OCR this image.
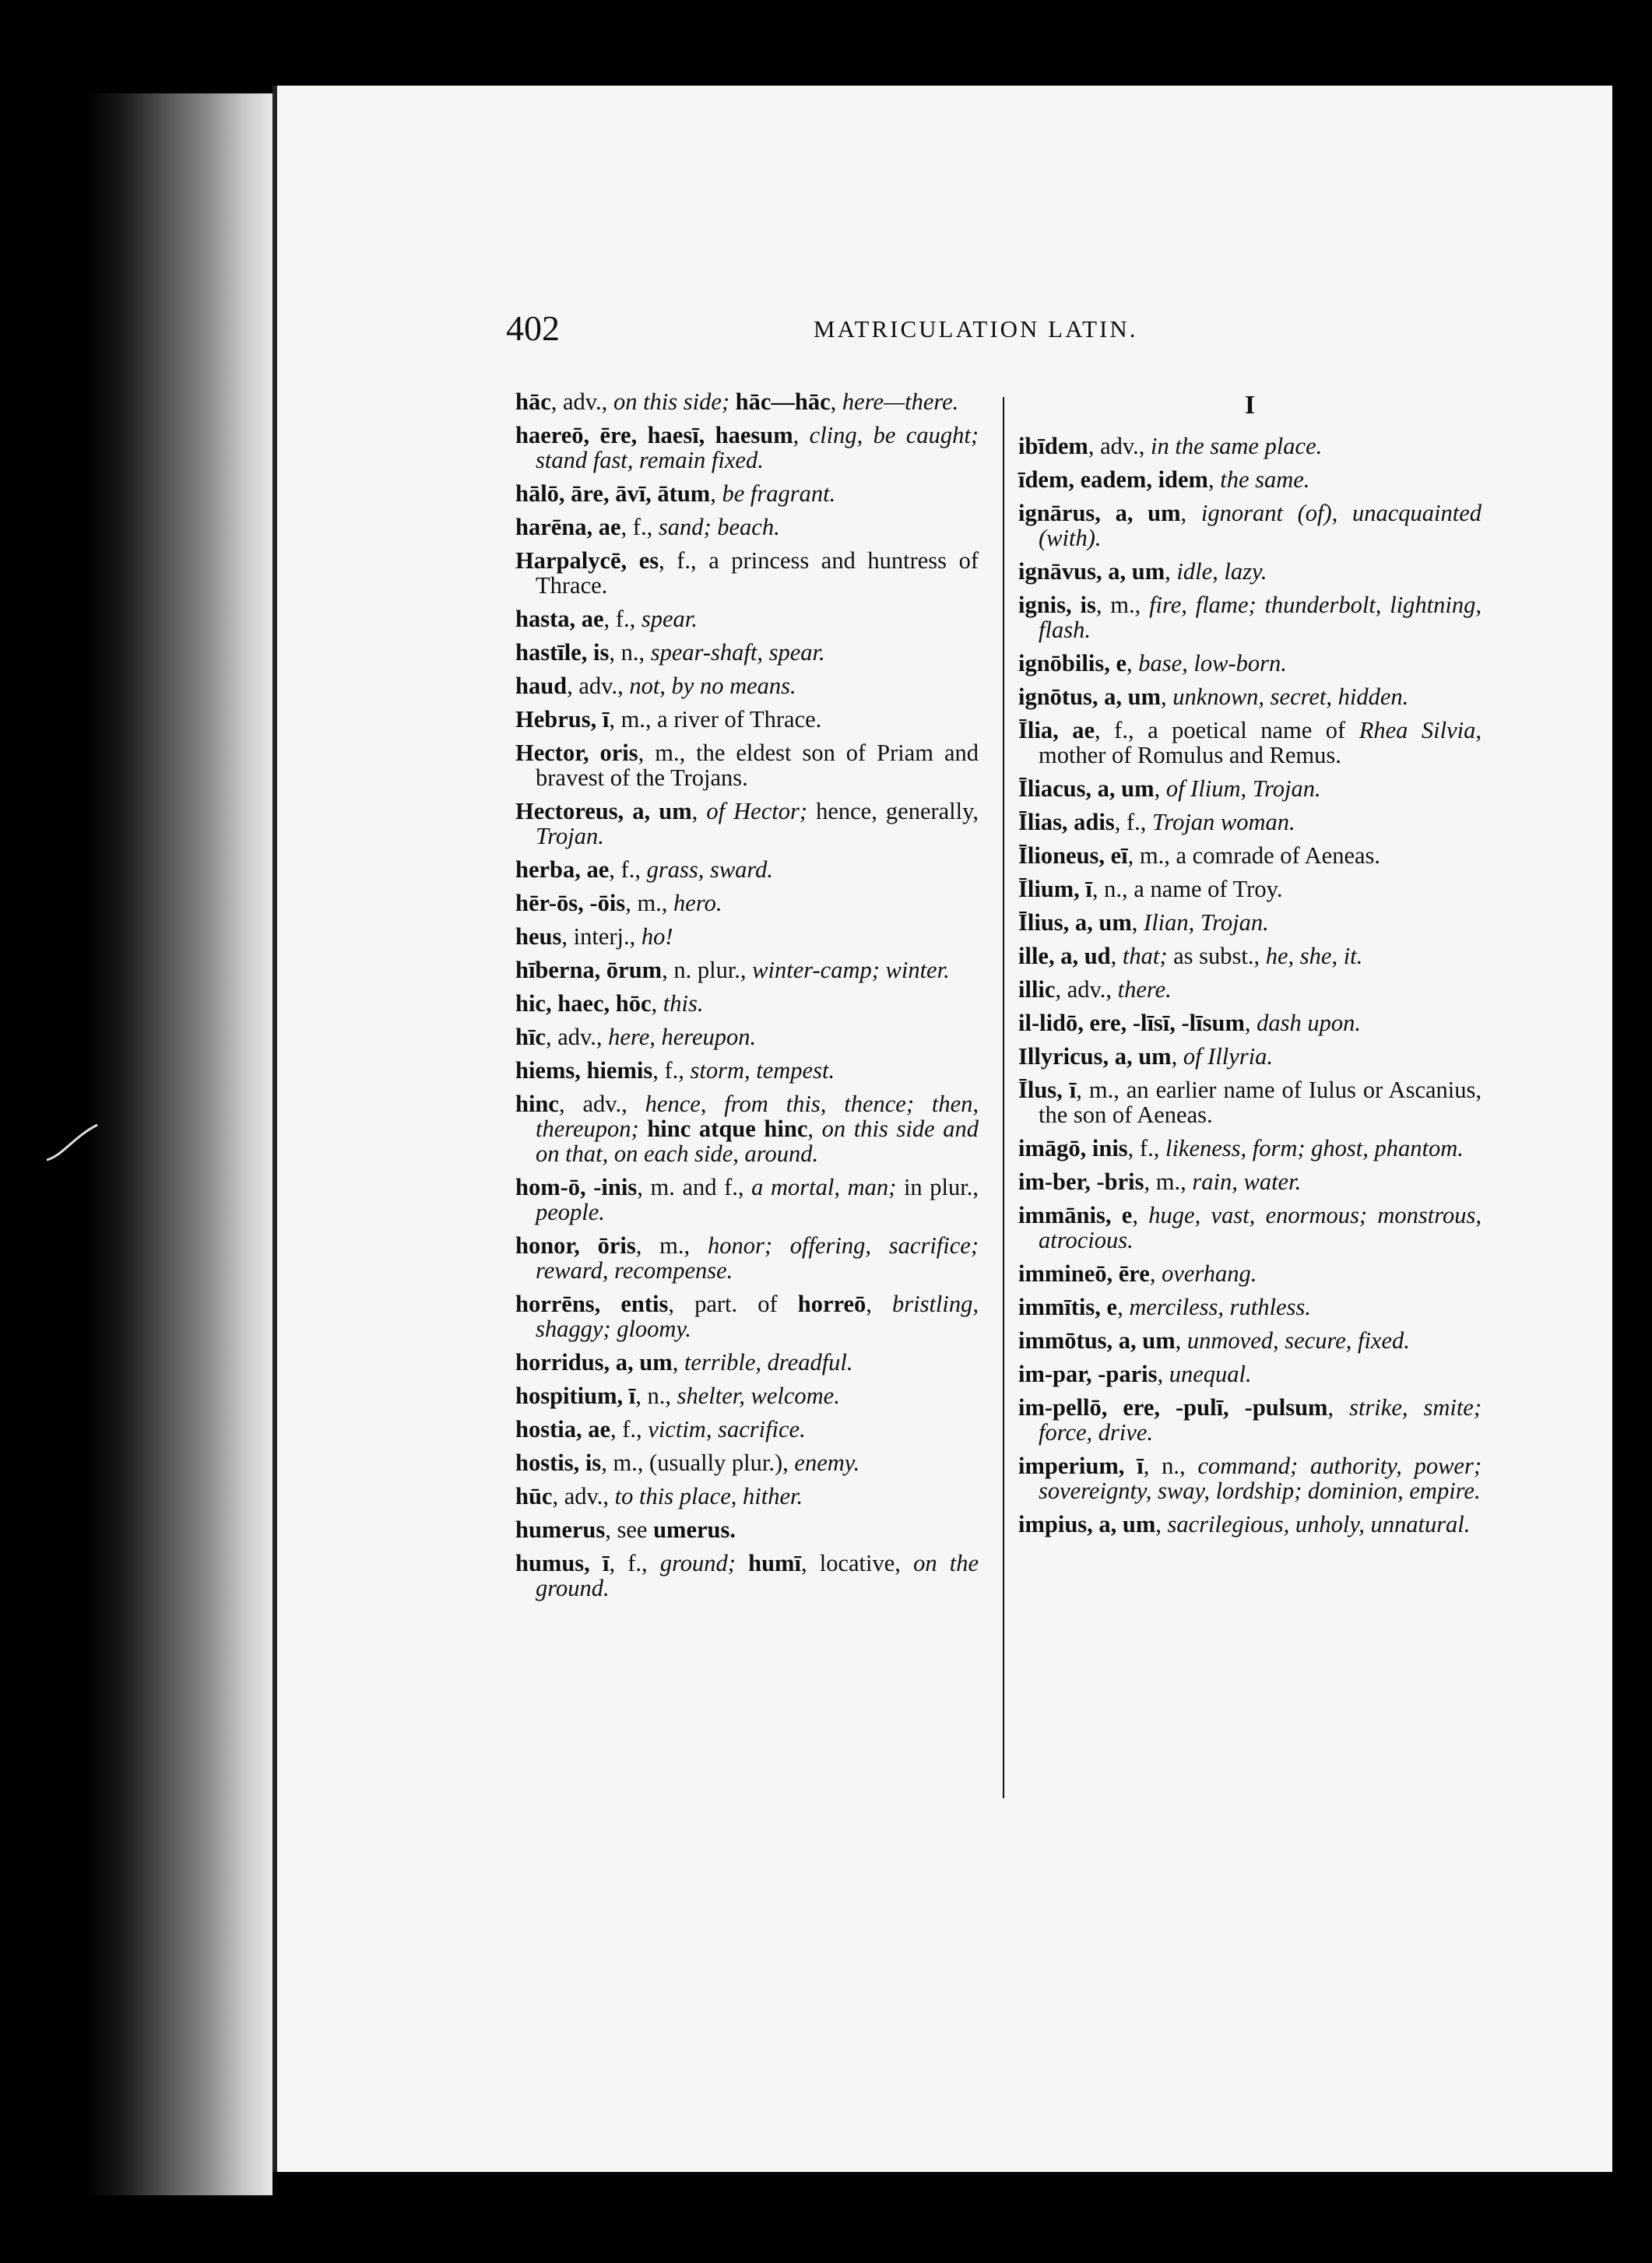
402	MATRICULATION LATIN.
hāc, adv., on this side; hāc—hāc, here—there.
haereō, ēre, haesī, haesum, cling, be caught; stand fast, remain fixed.
hālō, āre, āvī, ātum, be fragrant.
harēna, ae, f., sand; beach.
Harpalycē, es, f., a princess and huntress of Thrace.
hasta, ae, f., spear.
hastīle, is, n., spear-shaft, spear.
haud, adv., not, by no means.
Hebrus, ī, m., a river of Thrace.
Hector, oris, m., the eldest son of Priam and bravest of the Trojans.
Hectoreus, a, um, of Hector; hence, generally, Trojan.
herba, ae, f., grass, sward.
hēr-ōs, -ōis, m., hero.
heus, interj., ho!
hīberna, ōrum, n. plur., winter-camp; winter.
hic, haec, hōc, this.
hīc, adv., here, hereupon.
hiems, hiemis, f., storm, tempest.
hinc, adv., hence, from this, thence; then, thereupon; hinc atque hinc, on this side and on that, on each side, around.
hom-ō, -inis, m. and f., a mortal, man; in plur., people.
honor, ōris, m., honor; offering, sacrifice; reward, recompense.
horrēns, entis, part. of horreō, bristling, shaggy; gloomy.
horridus, a, um, terrible, dreadful.
hospitium, ī, n., shelter, welcome.
hostia, ae, f., victim, sacrifice.
hostis, is, m., (usually plur.), enemy.
hūc, adv., to this place, hither.
humerus, see umerus.
humus, ī, f., ground; humī, locative, on the ground.
I
ibīdem, adv., in the same place.
īdem, eadem, idem, the same.
ignārus, a, um, ignorant (of), unacquainted (with).
ignāvus, a, um, idle, lazy.
ignis, is, m., fire, flame; thunderbolt, lightning, flash.
ignōbilis, e, base, low-born.
ignōtus, a, um, unknown, secret, hidden.
Īlia, ae, f., a poetical name of Rhea Silvia, mother of Romulus and Remus.
Īliacus, a, um, of Ilium, Trojan.
Īlias, adis, f., Trojan woman.
Īlioneus, eī, m., a comrade of Aeneas.
Īlium, ī, n., a name of Troy.
Īlius, a, um, Ilian, Trojan.
ille, a, ud, that; as subst., he, she, it.
illic, adv., there.
il-lidō, ere, -līsī, -līsum, dash upon.
Illyricus, a, um, of Illyria.
Īlus, ī, m., an earlier name of Iulus or Ascanius, the son of Aeneas.
imāgō, inis, f., likeness, form; ghost, phantom.
im-ber, -bris, m., rain, water.
immānis, e, huge, vast, enormous; monstrous, atrocious.
immineō, ēre, overhang.
immītis, e, merciless, ruthless.
immōtus, a, um, unmoved, secure, fixed.
im-par, -paris, unequal.
im-pellō, ere, -pulī, -pulsum, strike, smite; force, drive.
imperium, ī, n., command; authority, power; sovereignty, sway, lordship; dominion, empire.
impius, a, um, sacrilegious, unholy, unnatural.
